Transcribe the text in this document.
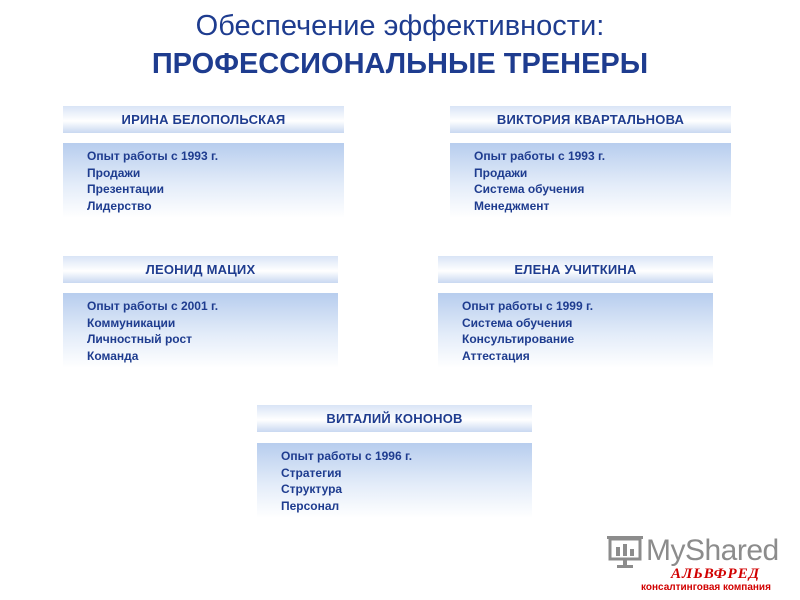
Обеспечение эффективности:
ПРОФЕССИОНАЛЬНЫЕ ТРЕНЕРЫ
ИРИНА БЕЛОПОЛЬСКАЯ
Опыт работы с 1993 г.
Продажи
Презентации
Лидерство
ВИКТОРИЯ КВАРТАЛЬНОВА
Опыт работы с 1993 г.
Продажи
Система обучения
Менеджмент
ЛЕОНИД МАЦИХ
Опыт работы с 2001 г.
Коммуникации
Личностный рост
Команда
ЕЛЕНА УЧИТКИНА
Опыт работы с 1999 г.
Система обучения
Консультирование
Аттестация
ВИТАЛИЙ КОНОНОВ
Опыт работы с 1996 г.
Стратегия
Структура
Персонал
MyShared
АЛЬВФРЕД
консалтинговая компания
